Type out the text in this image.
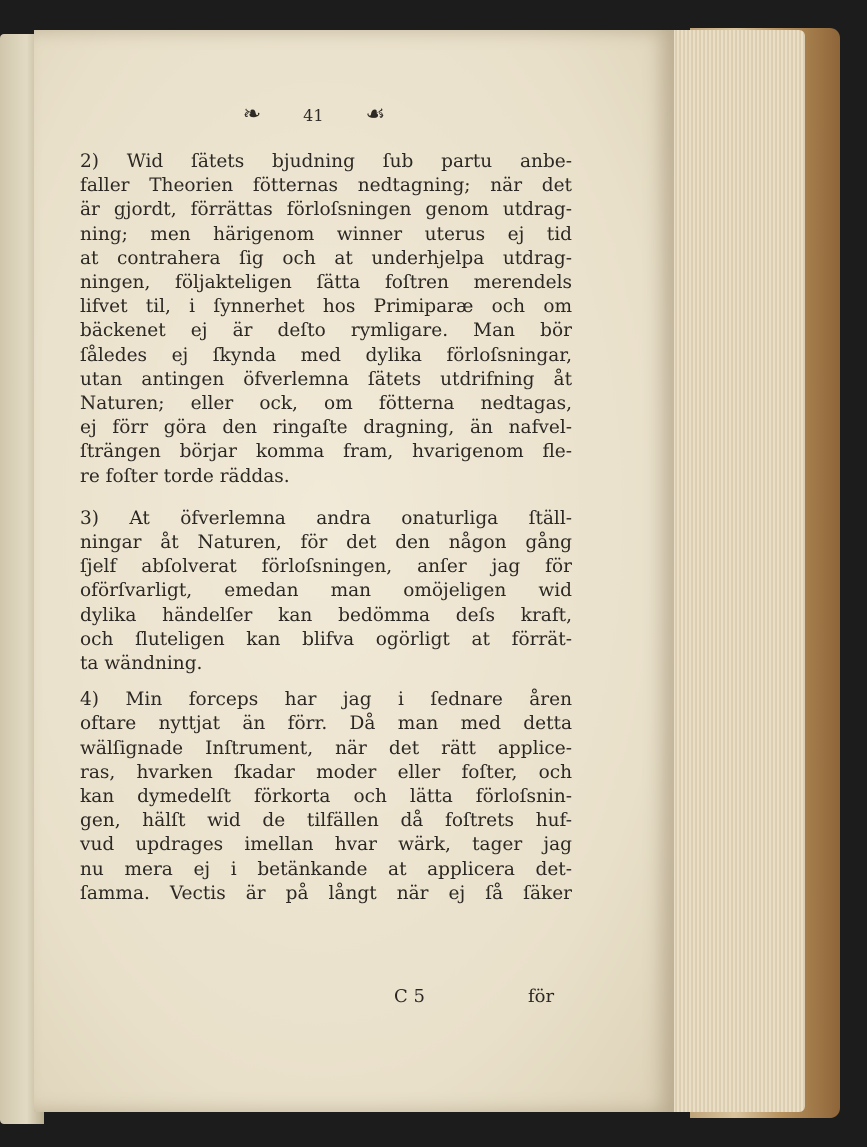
❧	41 ☙
2) Wid ſätets bjudning ſub partu anbe-
faller Theorien fötternas nedtagning; när det
är gjordt, förrättas förloſsningen genom utdrag-
ning; men härigenom winner uterus ej tid
at contrahera ſig och at underhjelpa utdrag-
ningen, följakteligen ſätta foſtren merendels
lifvet til, i ſynnerhet hos Primiparæ och om
bäckenet ej är deſto rymligare. Man bör
ſåledes ej ſkynda med dylika förloſsningar,
utan antingen öfverlemna ſätets utdrifning åt
Naturen; eller ock, om fötterna nedtagas,
ej förr göra den ringaſte dragning, än nafvel-
ſträngen börjar komma fram, hvarigenom fle-
re foſter torde räddas.
3) At öfverlemna andra onaturliga ſtäll-
ningar åt Naturen, för det den någon gång
ſjelf abſolverat förloſsningen, anſer jag för
oförſvarligt, emedan man omöjeligen wid
dylika händelſer kan bedömma deſs kraft,
och ſluteligen kan blifva ogörligt at förrät-
ta wändning.
4) Min forceps har jag i ſednare åren
oftare nyttjat än förr. Då man med detta
wälſignade Inſtrument, när det rätt applice-
ras, hvarken ſkadar moder eller foſter, och
kan dymedelſt förkorta och lätta förloſsnin-
gen, hälſt wid de tilfällen då foſtrets huf-
vud updrages imellan hvar wärk, tager jag
nu mera ej i betänkande at applicera det-
ſamma. Vectis är på långt när ej ſå ſäker
C 5	för
